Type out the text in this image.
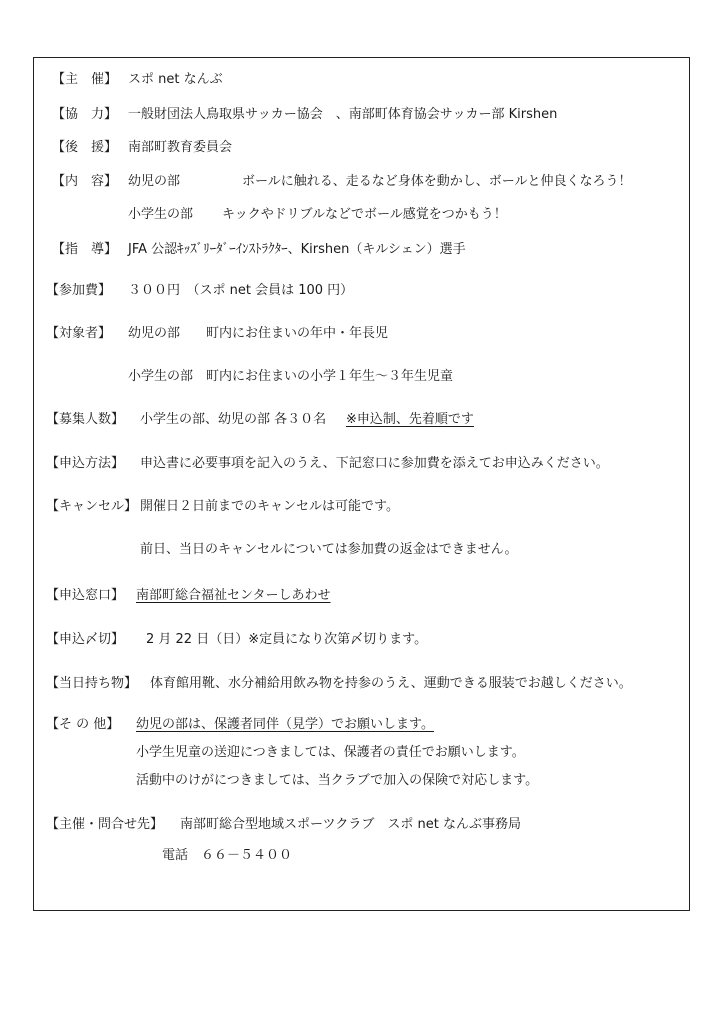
【主　催】 スポ net なんぶ
【協　力】 一般財団法人鳥取県サッカー協会　、南部町体育協会サッカー部 Kirshen
【後　援】 南部町教育委員会
【内　容】 幼児の部	ボールに触れる、走るなど身体を動かし、ボールと仲良くなろう！
小学生の部 キックやドリブルなどでボール感覚をつかもう！
【指　導】 JFA 公認ｷｯｽﾞﾘｰﾀﾞｰｲﾝｽﾄﾗｸﾀｰ、Kirshen（キルシェン）選手
【参加費】 ３００円　（スポ net 会員は 100 円）
【対象者】 幼児の部 町内にお住まいの年中・年長児
小学生の部 町内にお住まいの小学１年生～３年生児童
【募集人数】 小学生の部、幼児の部 各３０名 ※申込制、先着順です
【申込方法】 申込書に必要事項を記入のうえ、下記窓口に参加費を添えてお申込みください。
【キャンセル】 開催日２日前までのキャンセルは可能です。
前日、当日のキャンセルについては参加費の返金はできません。
【申込窓口】 南部町総合福祉センターしあわせ
【申込〆切】 2 月 22 日（日）※定員になり次第〆切ります。
【当日持ち物】 体育館用靴、水分補給用飲み物を持参のうえ、運動できる服装でお越しください。
【そ の 他】 幼児の部は、保護者同伴（見学）でお願いします。
小学生児童の送迎につきましては、保護者の責任でお願いします。
活動中のけがにつきましては、当クラブで加入の保険で対応します。
【主催・問合せ先】 南部町総合型地域スポーツクラブ　スポ net なんぶ事務局
電話　６６－５４００
